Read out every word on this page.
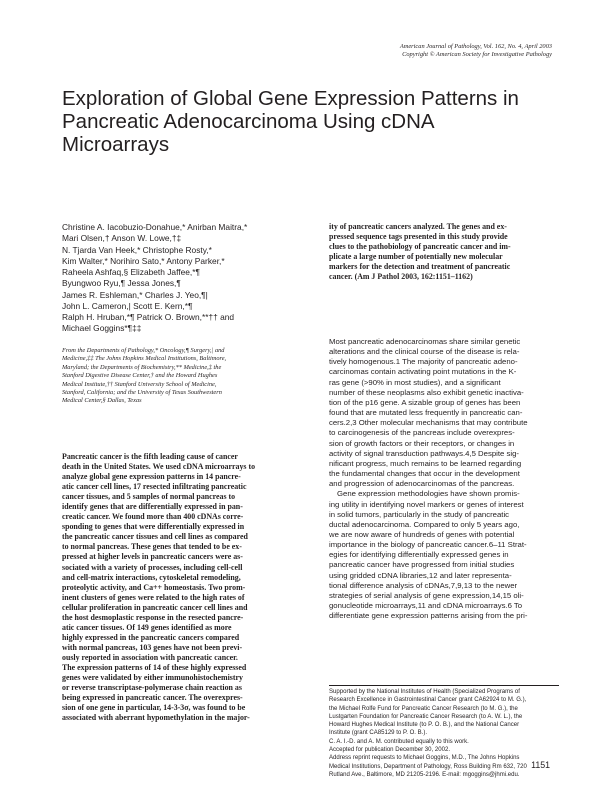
American Journal of Pathology, Vol. 162, No. 4, April 2003
Copyright © American Society for Investigative Pathology
Exploration of Global Gene Expression Patterns in
Pancreatic Adenocarcinoma Using cDNA
Microarrays
Christine A. Iacobuzio-Donahue,* Anirban Maitra,*
Mari Olsen,† Anson W. Lowe,†‡
N. Tjarda Van Heek,* Christophe Rosty,*
Kim Walter,* Norihiro Sato,* Antony Parker,*
Raheela Ashfaq,§ Elizabeth Jaffee,*¶
Byungwoo Ryu,¶ Jessa Jones,¶
James R. Eshleman,* Charles J. Yeo,¶|
John L. Cameron,| Scott E. Kern,*¶
Ralph H. Hruban,*¶ Patrick O. Brown,**†† and
Michael Goggins*¶‡‡
From the Departments of Pathology,* Oncology,¶ Surgery,| and
Medicine,‡‡ The Johns Hopkins Medical Institutions, Baltimore,
Maryland; the Departments of Biochemistry,** Medicine,‡ the
Stanford Digestive Disease Center,† and the Howard Hughes
Medical Institute,†† Stanford University School of Medicine,
Stanford, California; and the University of Texas Southwestern
Medical Center,§ Dallas, Texas
Pancreatic cancer is the fifth leading cause of cancer
death in the United States. We used cDNA microarrays to
analyze global gene expression patterns in 14 pancre-
atic cancer cell lines, 17 resected infiltrating pancreatic
cancer tissues, and 5 samples of normal pancreas to
identify genes that are differentially expressed in pan-
creatic cancer. We found more than 400 cDNAs corre-
sponding to genes that were differentially expressed in
the pancreatic cancer tissues and cell lines as compared
to normal pancreas. These genes that tended to be ex-
pressed at higher levels in pancreatic cancers were as-
sociated with a variety of processes, including cell-cell
and cell-matrix interactions, cytoskeletal remodeling,
proteolytic activity, and Ca++ homeostasis. Two prom-
inent clusters of genes were related to the high rates of
cellular proliferation in pancreatic cancer cell lines and
the host desmoplastic response in the resected pancre-
atic cancer tissues. Of 149 genes identified as more
highly expressed in the pancreatic cancers compared
with normal pancreas, 103 genes have not been previ-
ously reported in association with pancreatic cancer.
The expression patterns of 14 of these highly expressed
genes were validated by either immunohistochemistry
or reverse transcriptase-polymerase chain reaction as
being expressed in pancreatic cancer. The overexpres-
sion of one gene in particular, 14-3-3σ, was found to be
associated with aberrant hypomethylation in the major-
ity of pancreatic cancers analyzed. The genes and ex-
pressed sequence tags presented in this study provide
clues to the pathobiology of pancreatic cancer and im-
plicate a large number of potentially new molecular
markers for the detection and treatment of pancreatic
cancer. (Am J Pathol 2003, 162:1151–1162)
Most pancreatic adenocarcinomas share similar genetic
alterations and the clinical course of the disease is rela-
tively homogenous.1 The majority of pancreatic adeno-
carcinomas contain activating point mutations in the K-
ras gene (>90% in most studies), and a significant
number of these neoplasms also exhibit genetic inactiva-
tion of the p16 gene. A sizable group of genes has been
found that are mutated less frequently in pancreatic can-
cers.2,3 Other molecular mechanisms that may contribute
to carcinogenesis of the pancreas include overexpres-
sion of growth factors or their receptors, or changes in
activity of signal transduction pathways.4,5 Despite sig-
nificant progress, much remains to be learned regarding
the fundamental changes that occur in the development
and progression of adenocarcinomas of the pancreas.
Gene expression methodologies have shown promis-
ing utility in identifying novel markers or genes of interest
in solid tumors, particularly in the study of pancreatic
ductal adenocarcinoma. Compared to only 5 years ago,
we are now aware of hundreds of genes with potential
importance in the biology of pancreatic cancer.6–11 Strat-
egies for identifying differentially expressed genes in
pancreatic cancer have progressed from initial studies
using gridded cDNA libraries,12 and later representa-
tional difference analysis of cDNAs,7,9,13 to the newer
strategies of serial analysis of gene expression,14,15 oli-
gonucleotide microarrays,11 and cDNA microarrays.6 To
differentiate gene expression patterns arising from the pri-
Supported by the National Institutes of Health (Specialized Programs of
Research Excellence in Gastrointestinal Cancer grant CA62924 to M. G.),
the Michael Rolfe Fund for Pancreatic Cancer Research (to M. G.), the
Lustgarten Foundation for Pancreatic Cancer Research (to A. W. L.), the
Howard Hughes Medical Institute (to P. O. B.), and the National Cancer
Institute (grant CA85129 to P. O. B.).
C. A. I.-D. and A. M. contributed equally to this work.
Accepted for publication December 30, 2002.
Address reprint requests to Michael Goggins, M.D., The Johns Hopkins
Medical Institutions, Department of Pathology, Ross Building Rm 632, 720
Rutland Ave., Baltimore, MD 21205-2196. E-mail: mgoggins@jhmi.edu.
1151
